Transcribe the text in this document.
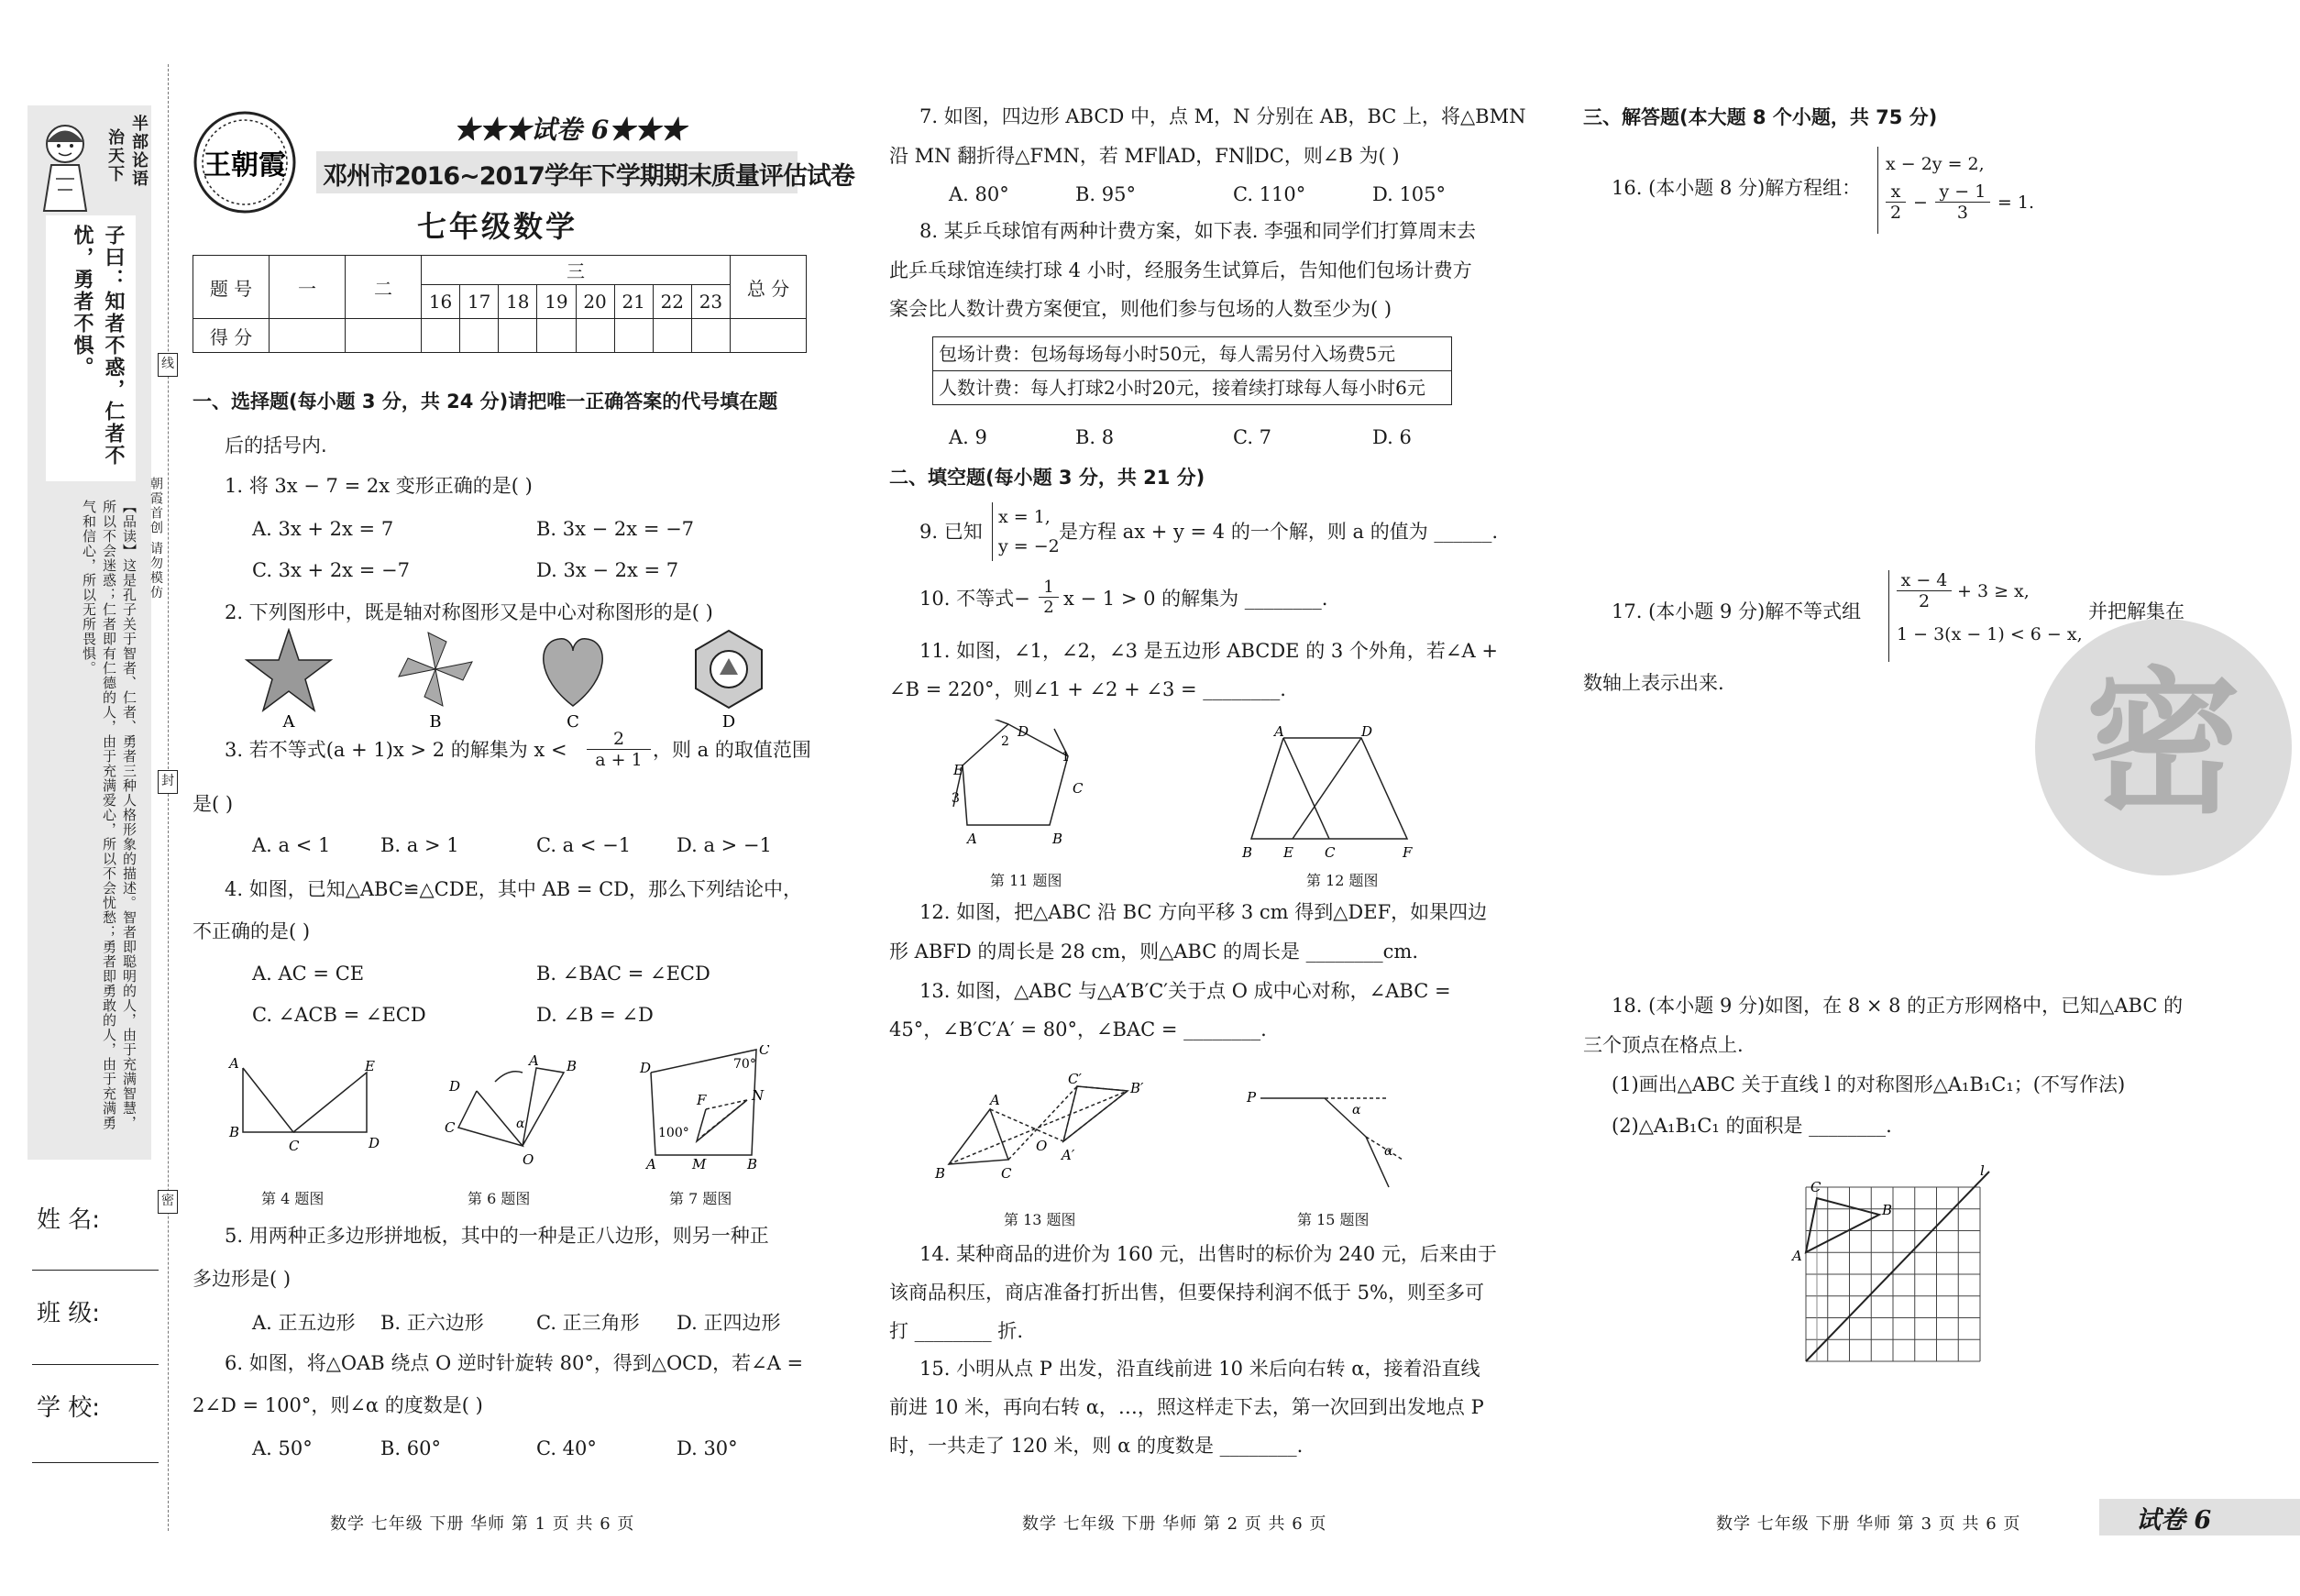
半部论语
治天下
子曰：知者不惑，仁者不忧，勇者不惧。
【品读】这是孔子关于智者、仁者、勇者三种人格形象的描述。智者即聪明的人，由于充满智慧，所以不会迷惑；仁者即有仁德的人，由于充满爱心，所以不会忧愁；勇者即勇敢的人，由于充满勇气和信心，所以无所畏惧。
线
封
密
朝霞首创 请勿模仿
姓 名:
班 级:
学 校:
王朝霞
★★★试卷 6★★★
邓州市2016~2017学年下学期期末质量评估试卷
七年级数学
题 号	一	二	三								总 分
			16	17	18	19	20	21	22	23	
得 分											
一、选择题(每小题 3 分，共 24 分)请把唯一正确答案的代号填在题
后的括号内.
1. 将 3x − 7 = 2x 变形正确的是( )
A. 3x + 2x = 7	B. 3x − 2x = −7
C. 3x + 2x = −7	D. 3x − 2x = 7
2. 下列图形中，既是轴对称图形又是中心对称图形的是( )
A	B	C	D
3. 若不等式(a + 1)x > 2 的解集为 $x < \frac{2}{a + 1}$ ，则 a 的取值范围
是( )
A. a < 1	B. a > 1	C. a < −1 D. a > −1
4. 如图，已知△ABC≌△CDE，其中 AB = CD，那么下列结论中，
不正确的是( )
A. AC = CE	B. ∠BAC = ∠ECD
C. ∠ACB = ∠ECD	D. ∠B = ∠D
A
B
C	D
E
D
C
O
A B
α
D
C
70°
100°
A	M	B
F	N
第 4 题图	第 6 题图	第 7 题图
5. 用两种正多边形拼地板，其中的一种是正八边形，则另一种正
多边形是( )
A. 正五边形 B. 正六边形	C. 正三角形 D. 正四边形
6. 如图，将△OAB 绕点 O 逆时针旋转 80°，得到△OCD，若∠A =
2∠D = 100°，则∠α 的度数是( )
A. 50°	B. 60°	C. 40°	D. 30°
数学 七年级 下册 华师 第 1 页 共 6 页
7. 如图，四边形 ABCD 中，点 M，N 分别在 AB，BC 上，将△BMN
沿 MN 翻折得△FMN，若 MF∥AD，FN∥DC，则∠B 为( )
A. 80°	B. 95°	C. 110°	D. 105°
8. 某乒乓球馆有两种计费方案，如下表. 李强和同学们打算周末去
此乒乓球馆连续打球 4 小时，经服务生试算后，告知他们包场计费方
案会比人数计费方案便宜，则他们参与包场的人数至少为( )
包场计费：包场每场每小时50元，每人需另付入场费5元
人数计费：每人打球2小时20元，接着续打球每人每小时6元
A. 9	B. 8	C. 7	D. 6
二、填空题(每小题 3 分，共 21 分)
9. 已知
x = 1,
y = −2
是方程 ax + y = 4 的一个解，则 a 的值为 ______.
10. 不等式− $\frac{1}{2}$ x − 1 > 0 的解集为 ________.
11. 如图，∠1，∠2，∠3 是五边形 ABCDE 的 3 个外角，若∠A +
∠B = 220°，则∠1 + ∠2 + ∠3 = ________.
2
1
3
D
C
B
A
E
A	D
B E C	F
第 11 题图	第 12 题图
12. 如图，把△ABC 沿 BC 方向平移 3 cm 得到△DEF，如果四边
形 ABFD 的周长是 28 cm，则△ABC 的周长是 ________cm.
13. 如图，△ABC 与△A′B′C′关于点 O 成中心对称，∠ABC =
45°，∠B′C′A′ = 80°，∠BAC = ________.
A
B	C
O
C′
B′
A′
P
α
α
第 13 题图	第 15 题图
14. 某种商品的进价为 160 元，出售时的标价为 240 元，后来由于
该商品积压，商店准备打折出售，但要保持利润不低于 5%，则至多可
打 ________ 折.
15. 小明从点 P 出发，沿直线前进 10 米后向右转 α，接着沿直线
前进 10 米，再向右转 α，…，照这样走下去，第一次回到出发地点 P
时，一共走了 120 米，则 α 的度数是 ________.
数学 七年级 下册 华师 第 2 页 共 6 页
密
三、解答题(本大题 8 个小题，共 75 分)
16. (本小题 8 分)解方程组：
x − 2y = 2,
$\frac{x}{2} - \frac{y - 1}{3} = 1$.
17. (本小题 9 分)解不等式组 $\frac{x - 4}{2} + 3 \ge x$,
1 − 3(x − 1) < 6 − x,
并把解集在
数轴上表示出来.
18. (本小题 9 分)如图，在 8 × 8 的正方形网格中，已知△ABC 的
三个顶点在格点上.
(1)画出△ABC 关于直线 l 的对称图形△A₁B₁C₁；(不写作法)
(2)△A₁B₁C₁ 的面积是 ________.
A
C
B
l
数学 七年级 下册 华师 第 3 页 共 6 页	试卷 6
